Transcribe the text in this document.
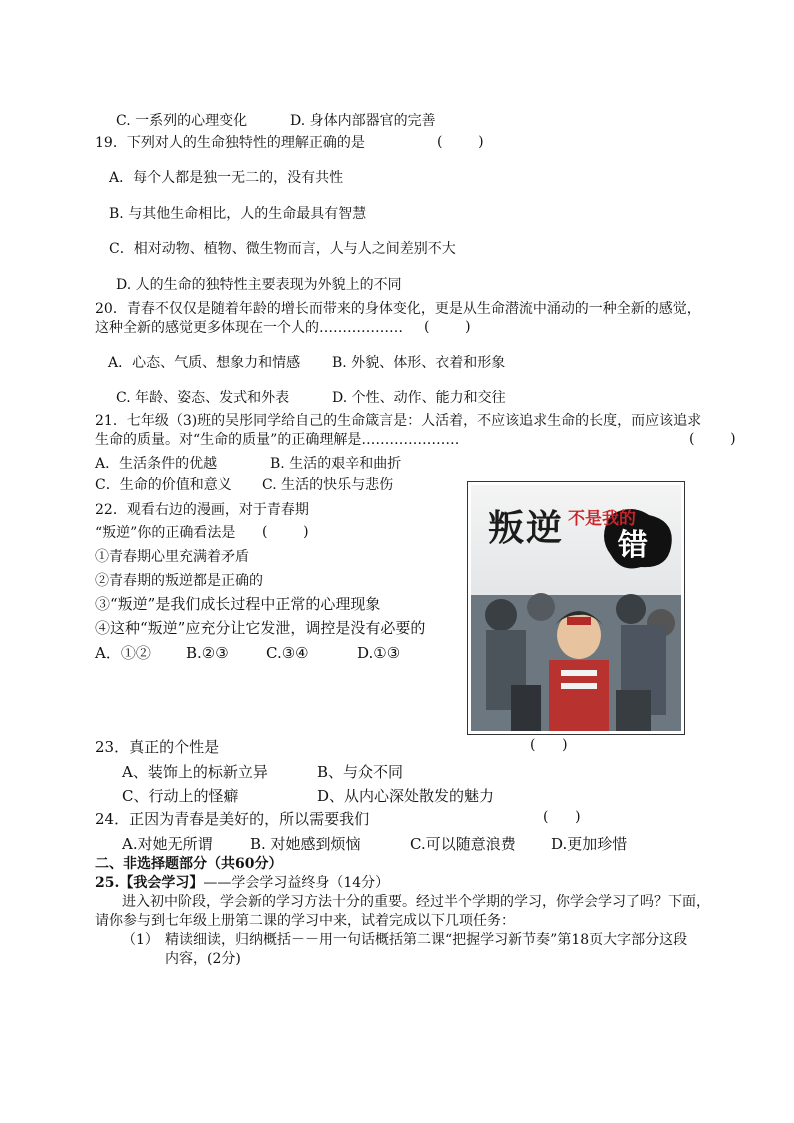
C. 一系列的心理变化	D. 身体内部器官的完善
19．下列对人的生命独特性的理解正确的是	(        )
A．每个人都是独一无二的，没有共性
B. 与其他生命相比，人的生命最具有智慧
C．相对动物、植物、微生物而言，人与人之间差别不大
D. 人的生命的独特性主要表现为外貌上的不同
20．青春不仅仅是随着年龄的增长而带来的身体变化，更是从生命潜流中涌动的一种全新的感觉，
这种全新的感觉更多体现在一个人的……………… (        )
A．心态、气质、想象力和情感 B. 外貌、体形、衣着和形象
C. 年龄、姿态、发式和外表	D. 个性、动作、能力和交往
21．七年级（3)班的吴彤同学给自己的生命箴言是：人活着，不应该追求生命的长度，而应该追求
生命的质量。对“生命的质量”的正确理解是…………………	(        )
A．生活条件的优越	B. 生活的艰辛和曲折
C．生命的价值和意义 C. 生活的快乐与悲伤
22．观看右边的漫画，对于青春期
“叛逆”你的正确看法是 (        )
①青春期心里充满着矛盾
②青春期的叛逆都是正确的
③“叛逆”是我们成长过程中正常的心理现象
④这种“叛逆”应充分让它发泄，调控是没有必要的
A．①② B.②③ C.③④	D.①③
叛逆 不是我的
错
23．真正的个性是	(      )
A、装饰上的标新立异	B、与众不同
C、行动上的怪癖	D、从内心深处散发的魅力
24．正因为青春是美好的，所以需要我们	(      )
A.对她无所谓 B. 对她感到烦恼	C.可以随意浪费 D.更加珍惜
二、非选择题部分（共60分）
25.【我会学习】——学会学习益终身（14分）
进入初中阶段，学会新的学习方法十分的重要。经过半个学期的学习，你学会学习了吗？下面，
请你参与到七年级上册第二课的学习中来，试着完成以下几项任务：
（1） 精读细读，归纳概括－－用一句话概括第二课“把握学习新节奏”第18页大字部分这段
内容，(2分)
